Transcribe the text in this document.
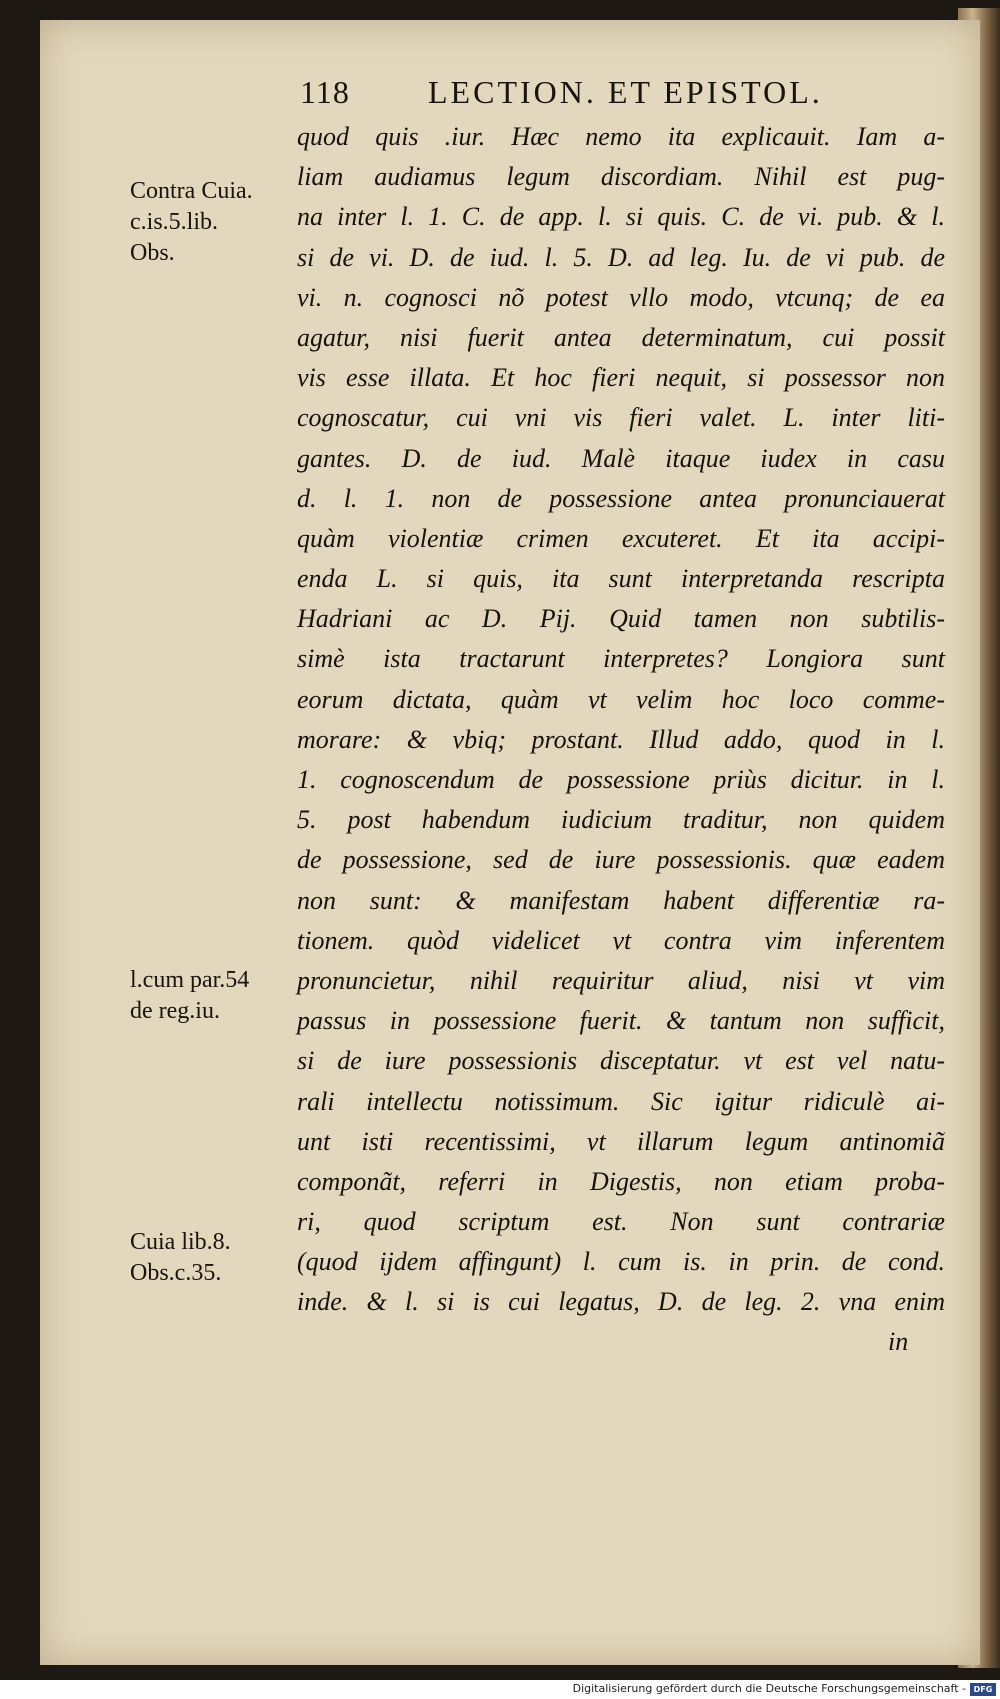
118 LECTION. ET EPISTOL.
Contra Cuia.
c.is.5.lib.
Obs.
l.cum par.54
de reg.iu.
Cuia lib.8.
Obs.c.35.
quod quis .iur. Hæc nemo ita explicauit. Iam a-
liam audiamus legum discordiam. Nihil est pug-
na inter l. 1. C. de app. l. si quis. C. de vi. pub. & l.
si de vi. D. de iud. l. 5. D. ad leg. Iu. de vi pub. de
vi. n. cognosci nõ potest vllo modo, vtcunq; de ea
agatur, nisi fuerit antea determinatum, cui possit
vis esse illata. Et hoc fieri nequit, si possessor non
cognoscatur, cui vni vis fieri valet. L. inter liti-
gantes. D. de iud. Malè itaque iudex in casu
d. l. 1. non de possessione antea pronunciauerat
quàm violentiæ crimen excuteret. Et ita accipi-
enda L. si quis, ita sunt interpretanda rescripta
Hadriani ac D. Pij. Quid tamen non subtilis-
simè ista tractarunt interpretes? Longiora sunt
eorum dictata, quàm vt velim hoc loco comme-
morare: & vbiq; prostant. Illud addo, quod in l.
1. cognoscendum de possessione priùs dicitur. in l.
5. post habendum iudicium traditur, non quidem
de possessione, sed de iure possessionis. quæ eadem
non sunt: & manifestam habent differentiæ ra-
tionem. quòd videlicet vt contra vim inferentem
pronuncietur, nihil requiritur aliud, nisi vt vim
passus in possessione fuerit. & tantum non sufficit,
si de iure possessionis disceptatur. vt est vel natu-
rali intellectu notissimum. Sic igitur ridiculè ai-
unt isti recentissimi, vt illarum legum antinomiã
componãt, referri in Digestis, non etiam proba-
ri, quod scriptum est. Non sunt contrariæ
(quod ijdem affingunt) l. cum is. in prin. de cond.
inde. & l. si is cui legatus, D. de leg. 2. vna enim
in
Digitalisierung gefördert durch die Deutsche Forschungsgemeinschaft - DFG
